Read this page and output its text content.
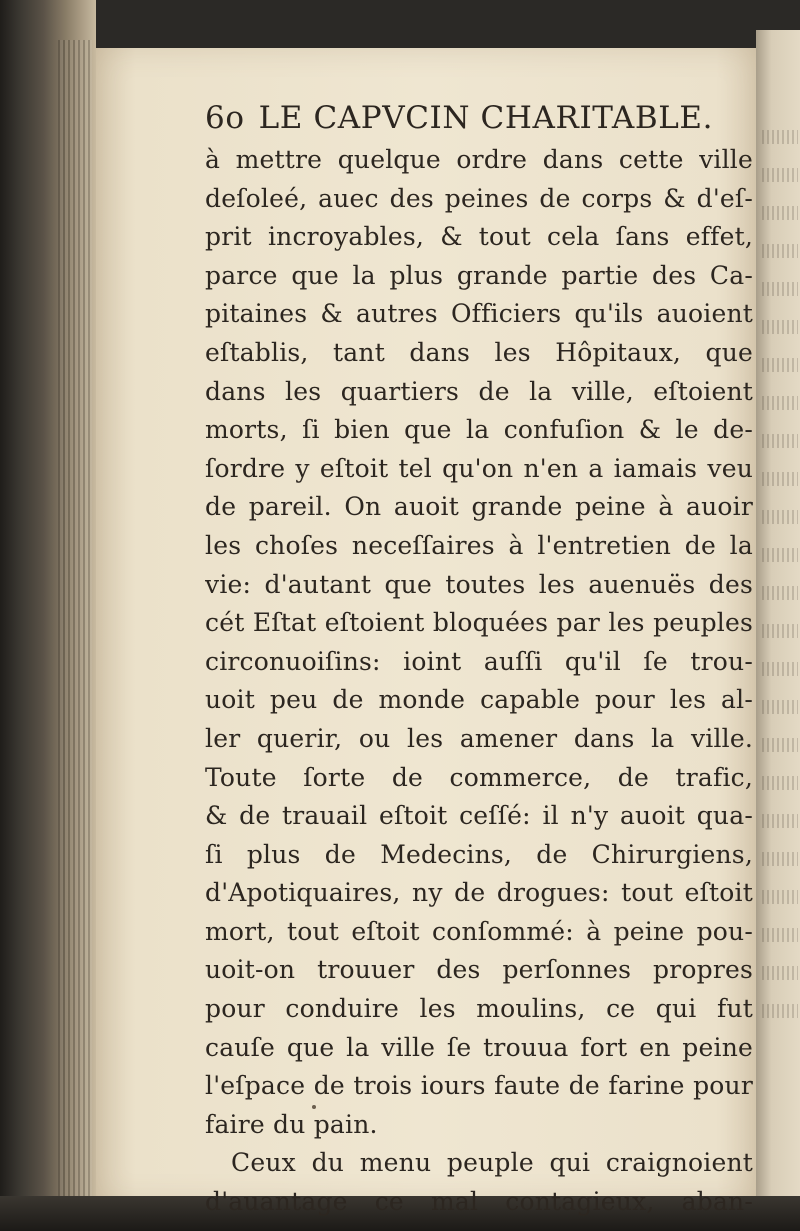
6o LE CAPVCIN CHARITABLE.
à mettre quelque ordre dans cette ville
deſoleé, auec des peines de corps & d'eſ-
prit incroyables, & tout cela ſans effet,
parce que la plus grande partie des Ca-
pitaines & autres Officiers qu'ils auoient
eſtablis, tant dans les Hôpitaux, que
dans les quartiers de la ville, eſtoient
morts, ſi bien que la confuſion & le de-
ſordre y eſtoit tel qu'on n'en a iamais veu
de pareil. On auoit grande peine à auoir
les choſes neceſſaires à l'entretien de la
vie: d'autant que toutes les auenuës des
cét Eſtat eſtoient bloquées par les peuples
circonuoiſins: ioint auſſi qu'il ſe trou-
uoit peu de monde capable pour les al-
ler querir, ou les amener dans la ville.
Toute ſorte de commerce, de trafic,
& de trauail eſtoit ceſſé: il n'y auoit qua-
ſi plus de Medecins, de Chirurgiens,
d'Apotiquaires, ny de drogues: tout eſtoit
mort, tout eſtoit conſommé: à peine pou-
uoit-on trouuer des perſonnes propres
pour conduire les moulins, ce qui fut
cauſe que la ville ſe trouua fort en peine
l'eſpace de trois iours faute de farine pour
faire du pain.
Ceux du menu peuple qui craignoient
d'auantage ce mal contagieux, aban-
